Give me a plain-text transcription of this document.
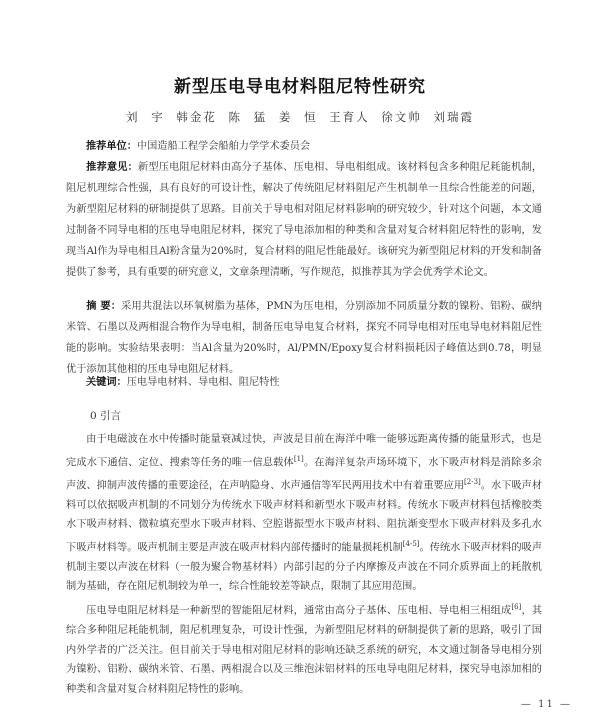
新型压电导电材料阻尼特性研究
刘 宇 韩金花 陈 猛 姜 恒 王育人 徐文帅 刘瑞霞
推荐单位：中国造船工程学会船舶力学学术委员会
推荐意见：新型压电阻尼材料由高分子基体、压电相、导电相组成。该材料包含多种阻尼耗能机制，阻尼机理综合性强，具有良好的可设计性，解决了传统阻尼材料阻尼产生机制单一且综合性能差的问题，为新型阻尼材料的研制提供了思路。目前关于导电相对阻尼材料影响的研究较少，针对这个问题，本文通过制备不同导电相的压电导电阻尼材料，探究了导电添加相的种类和含量对复合材料阻尼特性的影响，发现当Al作为导电相且Al粉含量为20%时，复合材料的阻尼性能最好。该研究为新型阻尼材料的开发和制备提供了参考，具有重要的研究意义，文章条理清晰，写作规范，拟推荐其为学会优秀学术论文。
摘 要：采用共混法以环氧树脂为基体，PMN为压电相，分别添加不同质量分数的镍粉、铝粉、碳纳米管、石墨以及两相混合物作为导电相，制备压电导电复合材料，探究不同导电相对压电导电材料阻尼性能的影响。实验结果表明：当Al含量为20%时，Al/PMN/Epoxy复合材料损耗因子峰值达到0.78，明显优于添加其他相的压电导电阻尼材料。
关键词：压电导电材料、导电相、阻尼特性
0 引言
由于电磁波在水中传播时能量衰减过快，声波是目前在海洋中唯一能够远距离传播的能量形式，也是完成水下通信、定位、搜索等任务的唯一信息载体[1]。在海洋复杂声场环境下，水下吸声材料是消除多余声波、抑制声波传播的重要途径，在声呐隐身、水声通信等军民两用技术中有着重要应用[2-3]。水下吸声材料可以依据吸声机制的不同划分为传统水下吸声材料和新型水下吸声材料。传统水下吸声材料包括橡胶类水下吸声材料、微粒填充型水下吸声材料、空腔谐振型水下吸声材料、阻抗渐变型水下吸声材料及多孔水下吸声材料等。吸声机制主要是声波在吸声材料内部传播时的能量损耗机制[4-5]。传统水下吸声材料的吸声机制主要以声波在材料（一般为聚合物基材料）内部引起的分子内摩擦及声波在不同介质界面上的耗散机制为基础，存在阻尼机制较为单一，综合性能较差等缺点，限制了其应用范围。
压电导电阻尼材料是一种新型的智能阻尼材料，通常由高分子基体、压电相、导电相三相组成[6]，其综合多种阻尼耗能机制，阻尼机理复杂，可设计性强，为新型阻尼材料的研制提供了新的思路，吸引了国内外学者的广泛关注。但目前关于导电相对阻尼材料的影响还缺乏系统的研究，本文通过制备导电相分别为镍粉、铝粉、碳纳米管、石墨、两相混合以及三维泡沫铝材料的压电导电阻尼材料，探究导电添加相的种类和含量对复合材料阻尼特性的影响。
— 11 —
